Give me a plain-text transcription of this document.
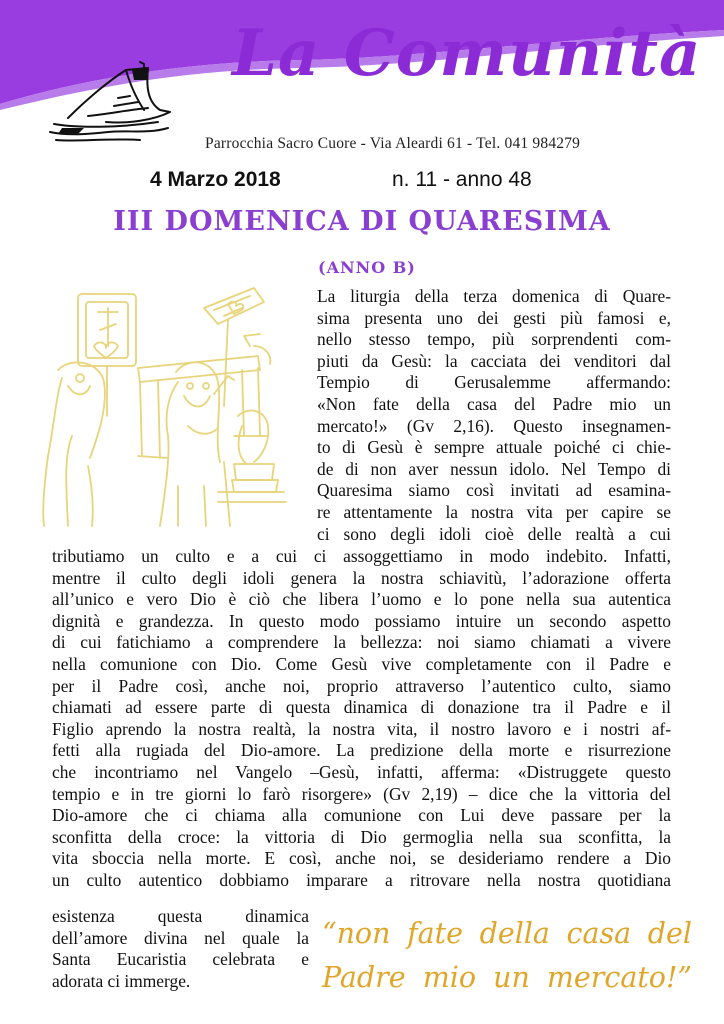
La Comunità
Parrocchia Sacro Cuore - Via Aleardi 61 - Tel. 041 984279
4 Marzo 2018	n. 11 - anno 48
III DOMENICA DI QUARESIMA
(ANNO B)
La liturgia della terza domenica di Quare-
sima presenta uno dei gesti più famosi e,
nello stesso tempo, più sorprendenti com-
piuti da Gesù: la cacciata dei venditori dal
Tempio di Gerusalemme affermando:
«Non fate della casa del Padre mio un
mercato!» (Gv 2,16). Questo insegnamen-
to di Gesù è sempre attuale poiché ci chie-
de di non aver nessun idolo. Nel Tempo di
Quaresima siamo così invitati ad esamina-
re attentamente la nostra vita per capire se
ci sono degli idoli cioè delle realtà a cui
tributiamo un culto e a cui ci assoggettiamo in modo indebito. Infatti,
mentre il culto degli idoli genera la nostra schiavitù, l’adorazione offerta
all’unico e vero Dio è ciò che libera l’uomo e lo pone nella sua autentica
dignità e grandezza. In questo modo possiamo intuire un secondo aspetto
di cui fatichiamo a comprendere la bellezza: noi siamo chiamati a vivere
nella comunione con Dio. Come Gesù vive completamente con il Padre e
per il Padre così, anche noi, proprio attraverso l’autentico culto, siamo
chiamati ad essere parte di questa dinamica di donazione tra il Padre e il
Figlio aprendo la nostra realtà, la nostra vita, il nostro lavoro e i nostri af-
fetti alla rugiada del Dio-amore. La predizione della morte e risurrezione
che incontriamo nel Vangelo –Gesù, infatti, afferma: «Distruggete questo
tempio e in tre giorni lo farò risorgere» (Gv 2,19) – dice che la vittoria del
Dio-amore che ci chiama alla comunione con Lui deve passare per la
sconfitta della croce: la vittoria di Dio germoglia nella sua sconfitta, la
vita sboccia nella morte. E così, anche noi, se desideriamo rendere a Dio
un culto autentico dobbiamo imparare a ritrovare nella nostra quotidiana
esistenza questa dinamica
dell’amore divina nel quale la
Santa Eucaristia celebrata e
adorata ci immerge.
“non fate della casa del
Padre mio un mercato!”
